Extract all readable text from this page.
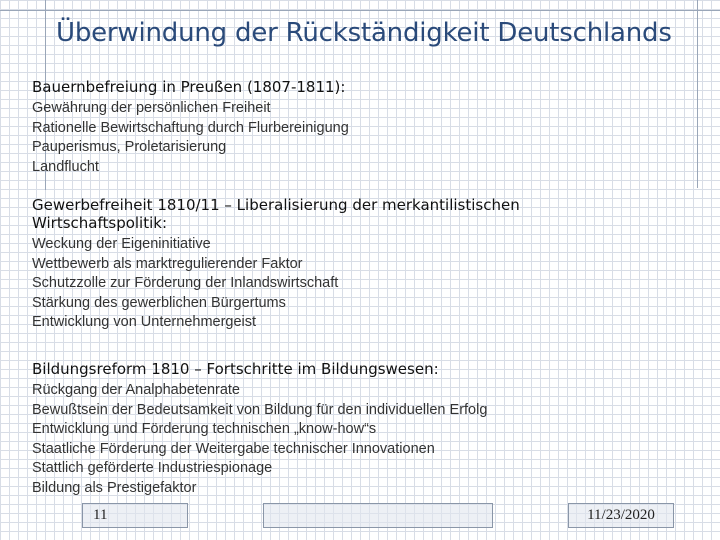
Überwindung der Rückständigkeit Deutschlands
Bauernbefreiung in Preußen (1807-1811):
Gewährung der persönlichen Freiheit
Rationelle Bewirtschaftung durch Flurbereinigung
Pauperismus, Proletarisierung
Landflucht
Gewerbefreiheit 1810/11 – Liberalisierung der merkantilistischen
Wirtschaftspolitik:
Weckung der Eigeninitiative
Wettbewerb als marktregulierender Faktor
Schutzzolle zur Förderung der Inlandswirtschaft
Stärkung des gewerblichen Bürgertums
Entwicklung von Unternehmergeist
Bildungsreform 1810 – Fortschritte im Bildungswesen:
Rückgang der Analphabetenrate
Bewußtsein der Bedeutsamkeit von Bildung für den individuellen Erfolg
Entwicklung und Förderung technischen „know-how“s
Staatliche Förderung der Weitergabe technischer Innovationen
Stattlich geförderte Industriespionage
Bildung als Prestigefaktor
11	11/23/2020
